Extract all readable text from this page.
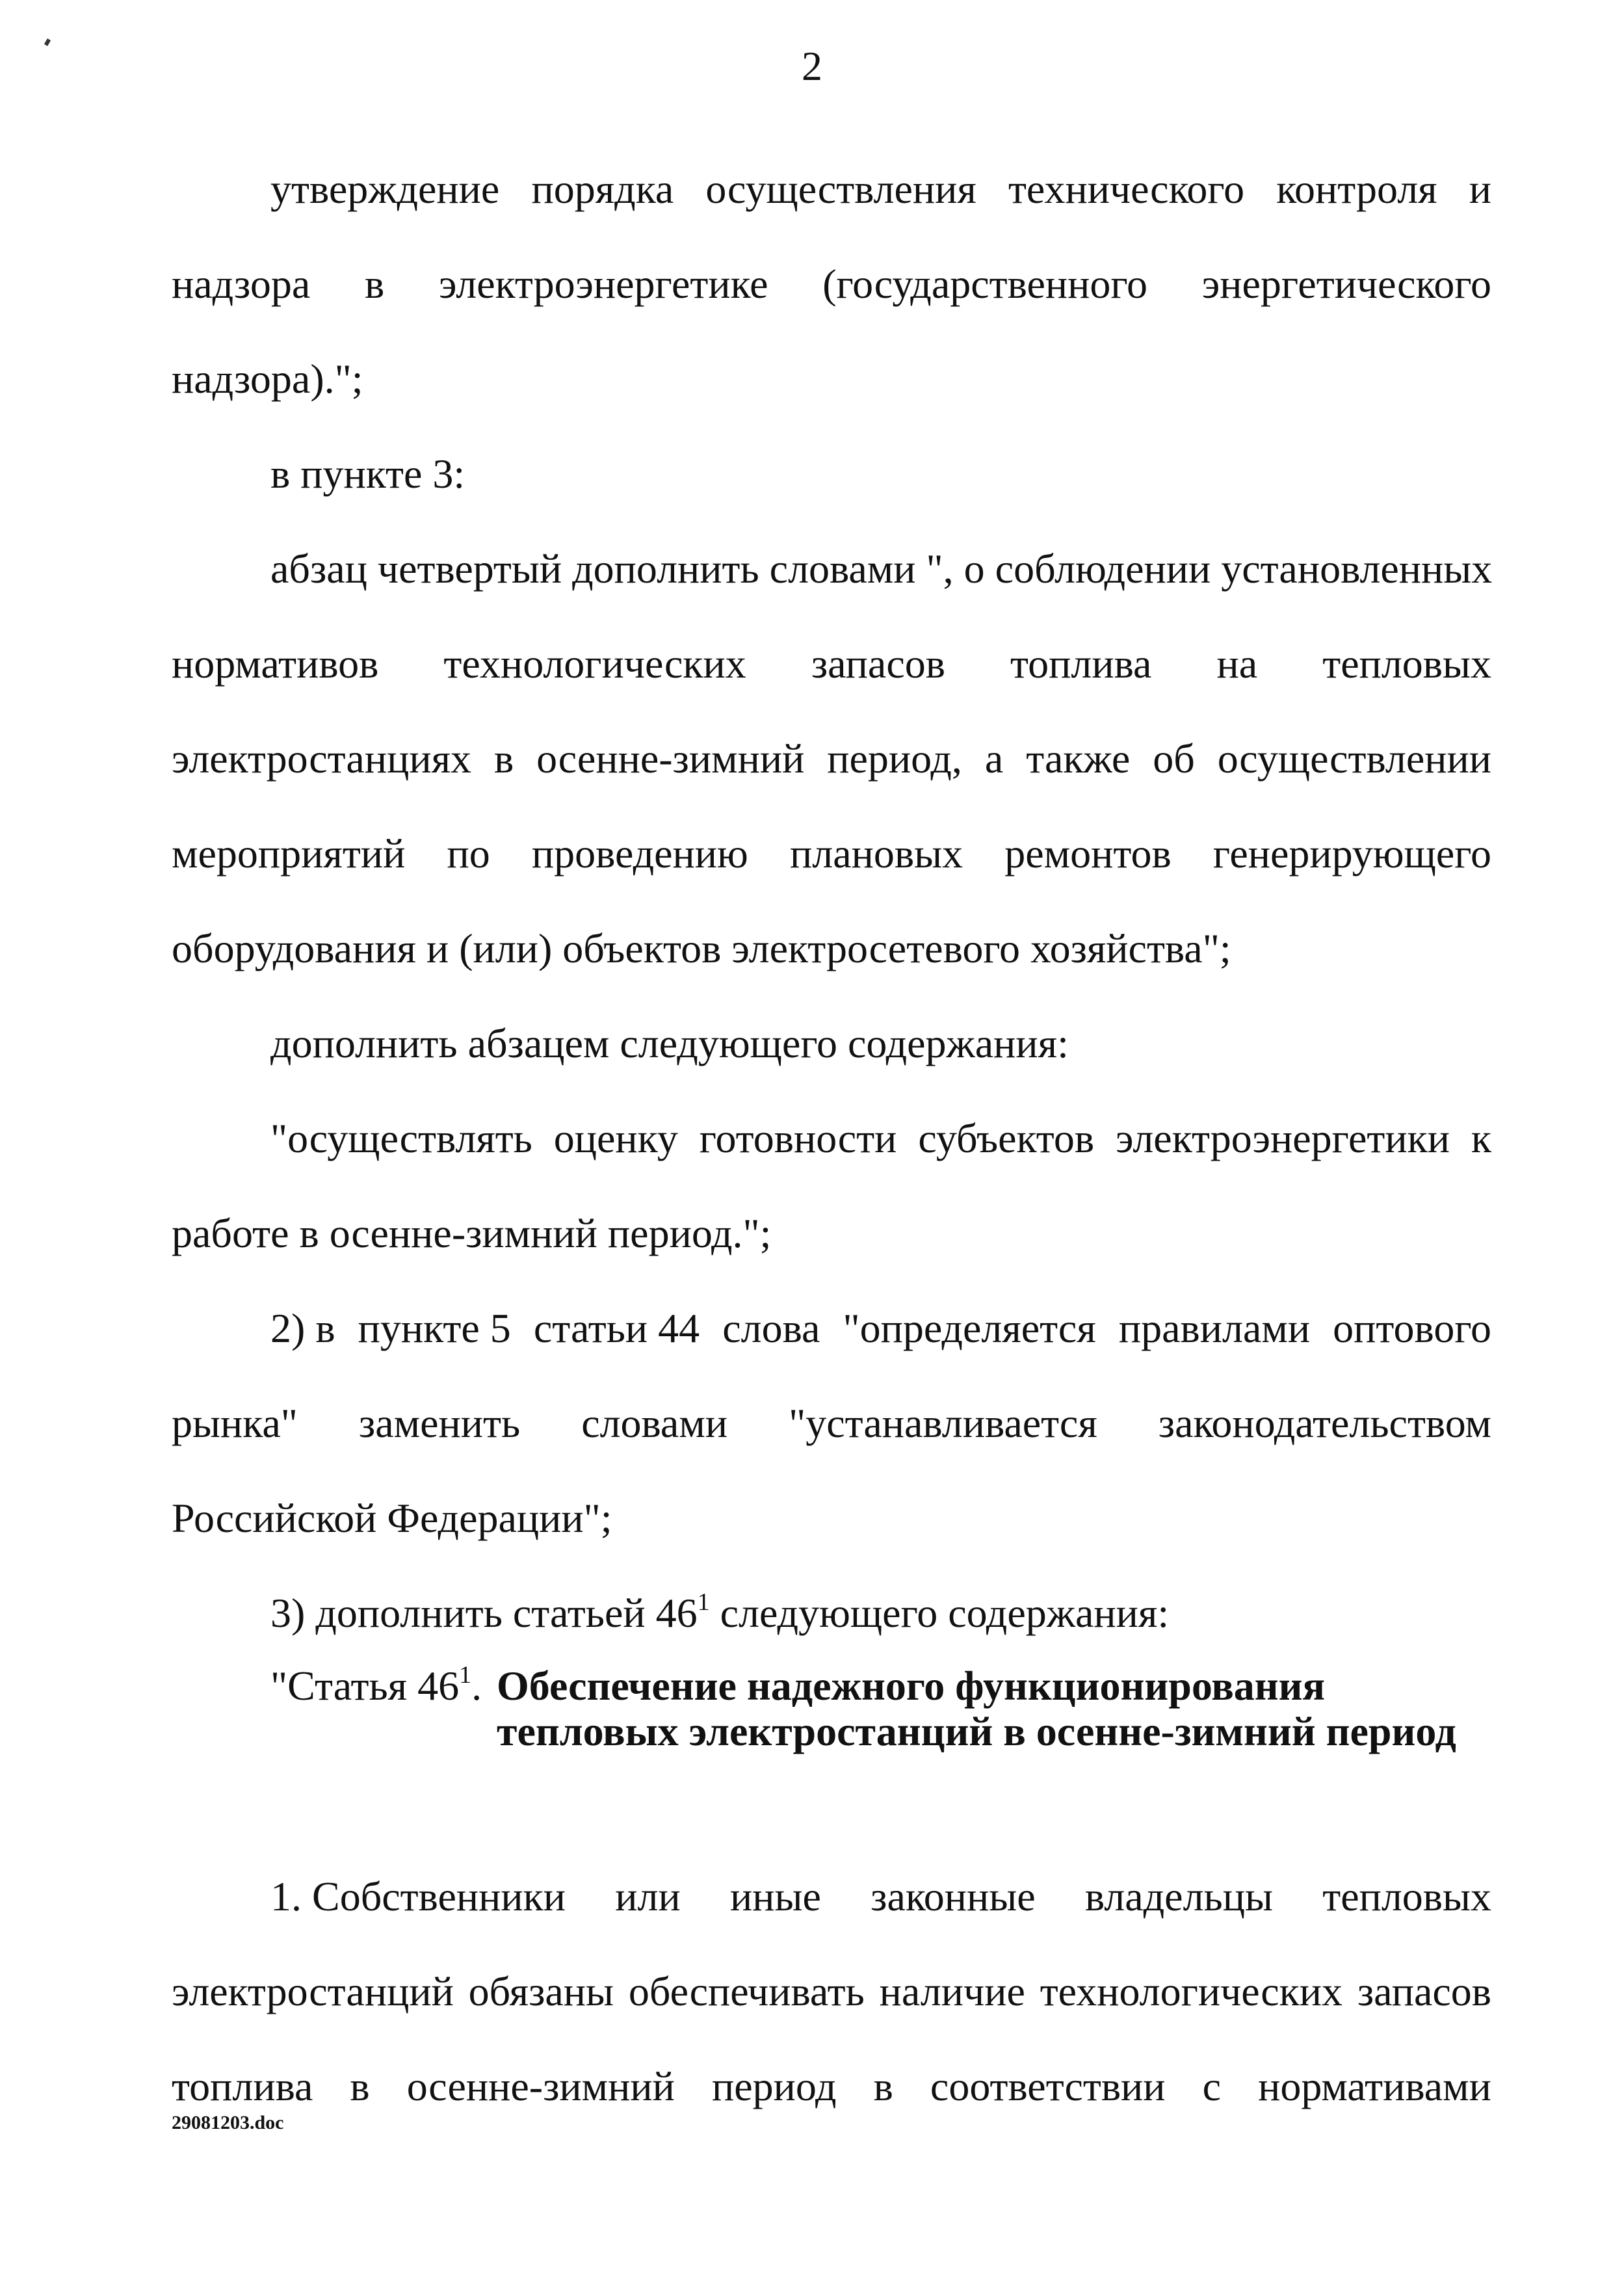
2
утверждение порядка осуществления технического контроля и
надзора в электроэнергетике (государственного энергетического
надзора).";
в пункте 3:
абзац четвертый дополнить словами ", о соблюдении установленных
нормативов технологических запасов топлива на тепловых
электростанциях в осенне-зимний период, а также об осуществлении
мероприятий по проведению плановых ремонтов генерирующего
оборудования и (или) объектов электросетевого хозяйства";
дополнить абзацем следующего содержания:
"осуществлять оценку готовности субъектов электроэнергетики к
работе в осенне-зимний период.";
2) в пункте 5 статьи 44 слова "определяется правилами оптового
рынка" заменить словами "устанавливается законодательством
Российской Федерации";
3) дополнить статьей $46^1$ следующего содержания:
"Статья $46^1$. Обеспечение надежного функционирования
тепловых электростанций в осенне-зимний период
1. Собственники или иные законные владельцы тепловых
электростанций обязаны обеспечивать наличие технологических запасов
топлива в осенне-зимний период в соответствии с нормативами
29081203.doc
